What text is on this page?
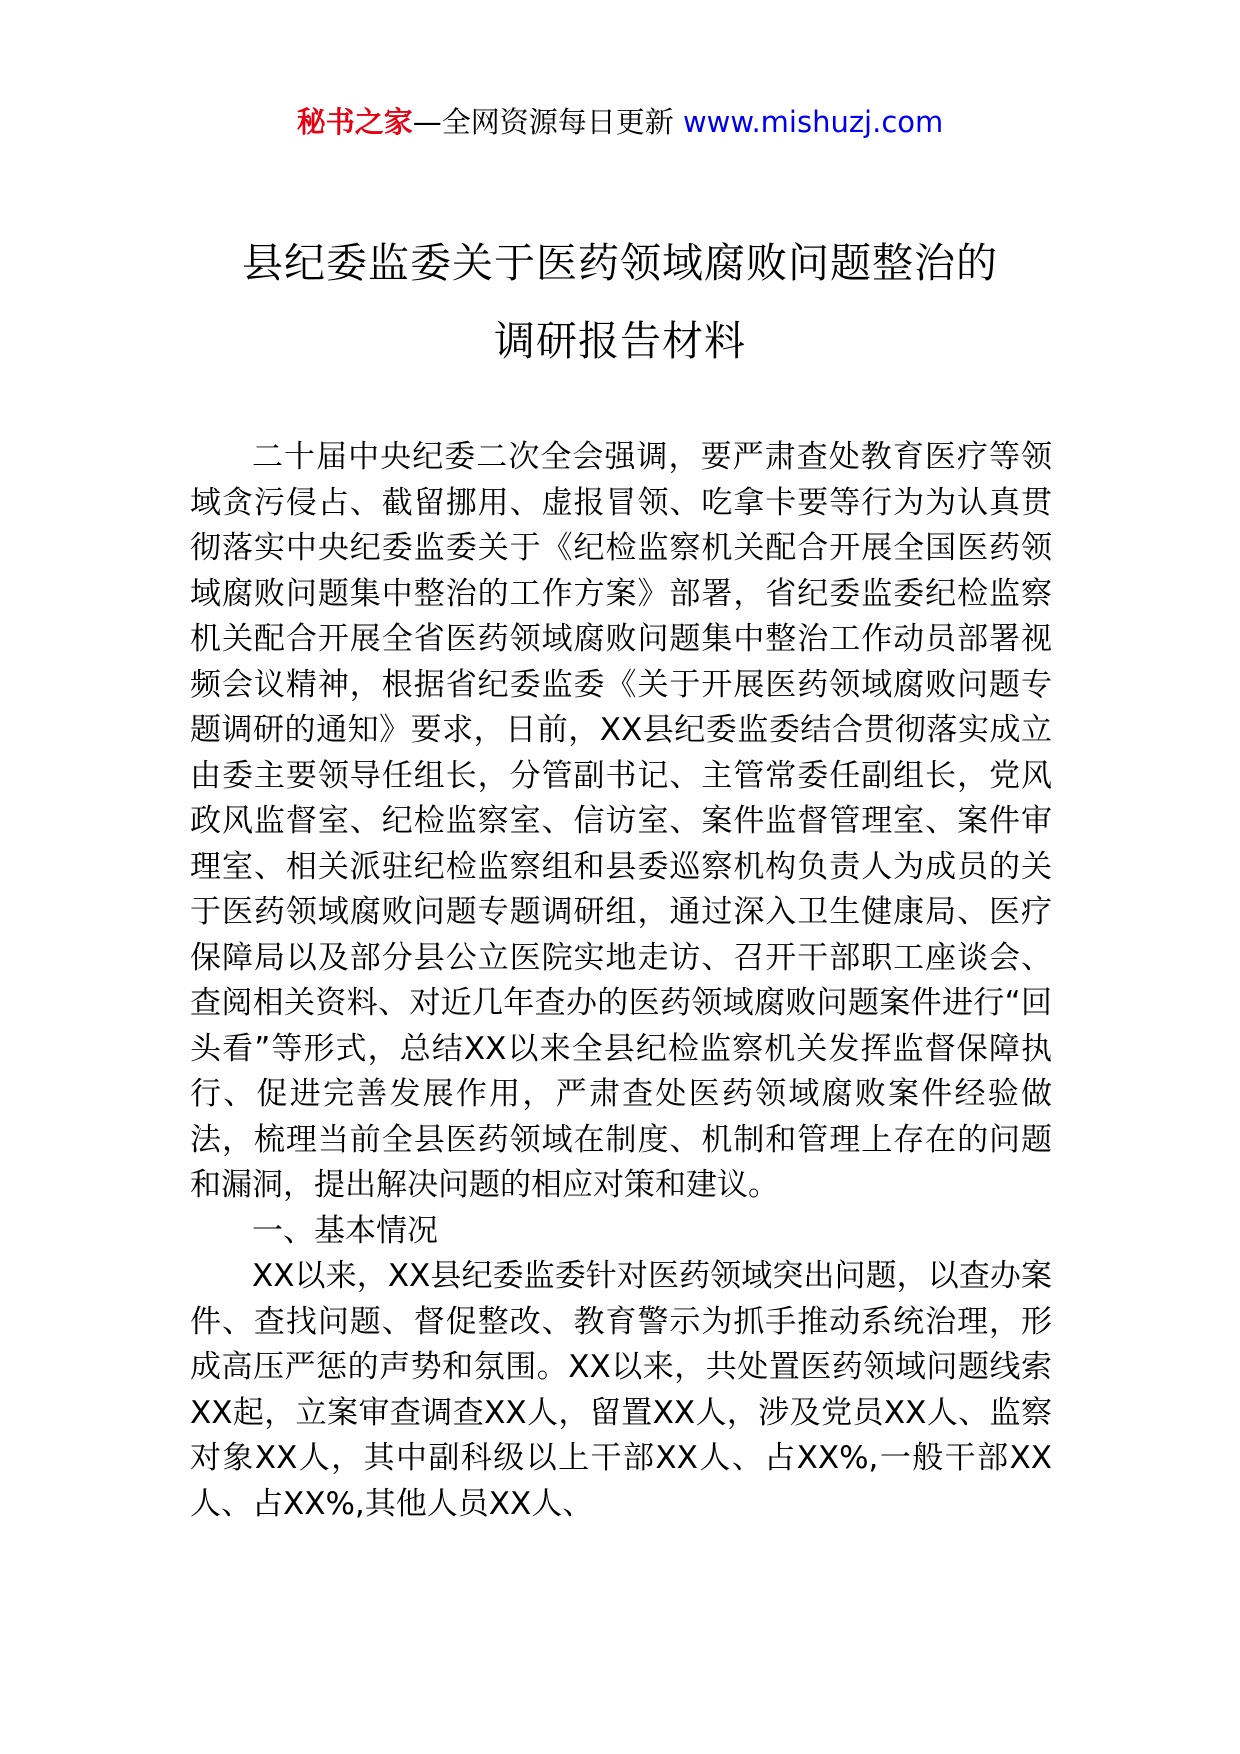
秘书之家—全网资源每日更新 www.mishuzj.com
县纪委监委关于医药领域腐败问题整治的
调研报告材料

二十届中央纪委二次全会强调，要严肃查处教育医疗等领域贪污侵占、截留挪用、虚报冒领、吃拿卡要等行为为认真贯彻落实中央纪委监委关于《纪检监察机关配合开展全国医药领域腐败问题集中整治的工作方案》部署，省纪委监委纪检监察机关配合开展全省医药领域腐败问题集中整治工作动员部署视频会议精神，根据省纪委监委《关于开展医药领域腐败问题专题调研的通知》要求，日前，XX县纪委监委结合贯彻落实成立由委主要领导任组长，分管副书记、主管常委任副组长，党风政风监督室、纪检监察室、信访室、案件监督管理室、案件审理室、相关派驻纪检监察组和县委巡察机构负责人为成员的关于医药领域腐败问题专题调研组，通过深入卫生健康局、医疗保障局以及部分县公立医院实地走访、召开干部职工座谈会、查阅相关资料、对近几年查办的医药领域腐败问题案件进行“回头看”等形式，总结XX以来全县纪检监察机关发挥监督保障执行、促进完善发展作用，严肃查处医药领域腐败案件经验做法，梳理当前全县医药领域在制度、机制和管理上存在的问题和漏洞，提出解决问题的相应对策和建议。

一、基本情况

XX以来，XX县纪委监委针对医药领域突出问题，以查办案件、查找问题、督促整改、教育警示为抓手推动系统治理，形成高压严惩的声势和氛围。XX以来，共处置医药领域问题线索XX起，立案审查调查XX人，留置XX人，涉及党员XX人、监察对象XX人，其中副科级以上干部XX人、占XX%,一般干部XX人、占XX%,其他人员XX人、
